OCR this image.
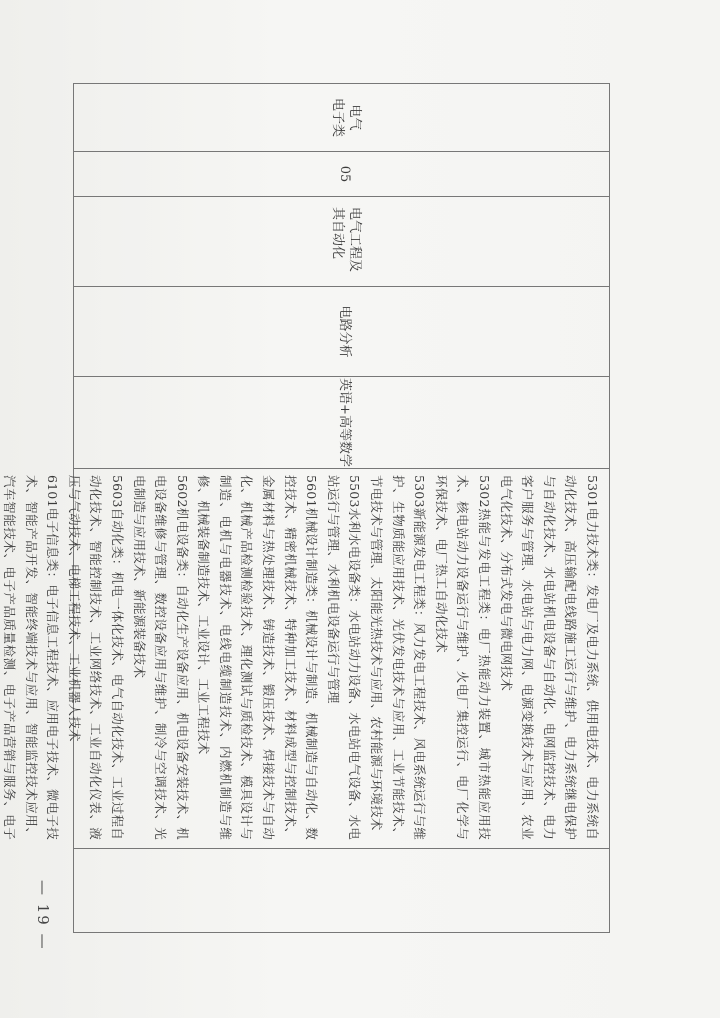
电气
电子类
05
电气工程及其自动化
电路分析
英语+高等数学

5301电力技术类：发电厂及电力系统、供用电技术、电力系统自动化技术、高压输配电线路施工运行与维护、电力系统继电保护与自动化技术、水电站机电设备与自动化、电网监控技术、电力客户服务与管理、水电站与电力网、电源变换技术与应用、农业电气化技术、分布式发电与微电网技术

5302热能与发电工程类：电厂热能动力装置、城市热能应用技术、核电站动力设备运行与维护、火电厂集控运行、电厂化学与环保技术、电厂热工自动化技术

5303新能源发电工程类：风力发电工程技术、风电系统运行与维护、生物质能应用技术、光伏发电技术与应用、工业节能技术、节电技术与管理、太阳能光热技术与应用、农村能源与环境技术

5503水利水电设备类：水电站动力设备、水电站电气设备、水电站运行与管理、水利机电设备运行与管理

5601机械设计制造类：机械设计与制造、机械制造与自动化、数控技术、精密机械技术、特种加工技术、材料成型与控制技术、金属材料与热处理技术、铸造技术、锻压技术、焊接技术与自动化、机械产品检测检验技术、理化测试与质检技术、模具设计与制造、电机与电器技术、电线电缆制造技术、内燃机制造与维修、机械装备制造技术、工业设计、工业工程技术

5602机电设备类：自动化生产设备应用、机电设备安装技术、机电设备维修与管理、数控设备应用与维护、制冷与空调技术、光电制造与应用技术、新能源装备技术

5603自动化类：机电一体化技术、电气自动化技术、工业过程自动化技术、智能控制技术、工业网络技术、工业自动化仪表、液压与气动技术、电梯工程技术、工业机器人技术

6101电子信息类：电子信息工程技术、应用电子技术、微电子技术、智能产品开发、智能终端技术与应用、智能监控技术应用、汽车智能技术、电子产品质量检测、电子产品营销与服务、电子

— 19 —
